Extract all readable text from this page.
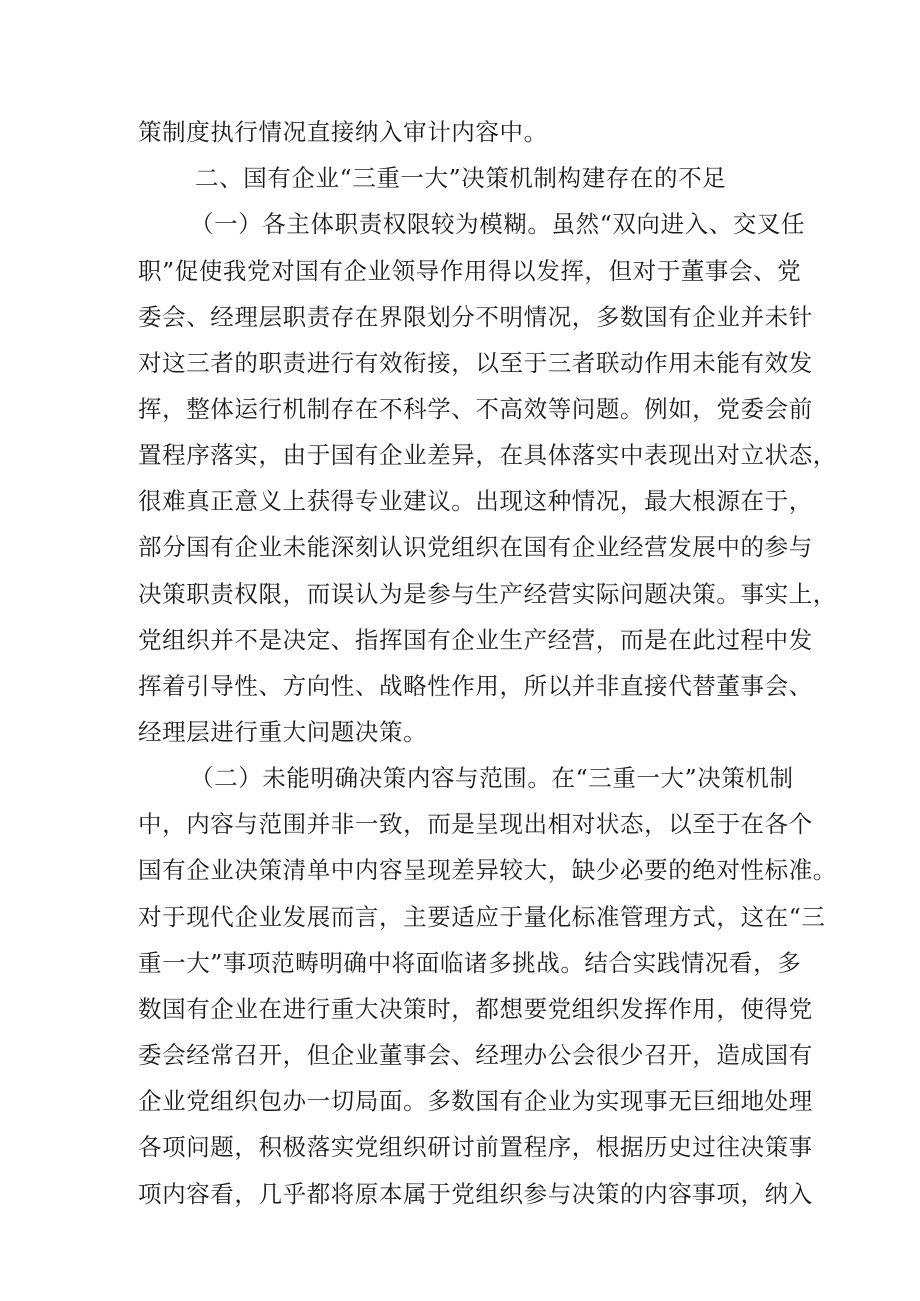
策制度执行情况直接纳入审计内容中。
二、国有企业“三重一大”决策机制构建存在的不足
（一）各主体职责权限较为模糊。虽然“双向进入、交叉任
职”促使我党对国有企业领导作用得以发挥，但对于董事会、党
委会、经理层职责存在界限划分不明情况，多数国有企业并未针
对这三者的职责进行有效衔接，以至于三者联动作用未能有效发
挥，整体运行机制存在不科学、不高效等问题。例如，党委会前
置程序落实，由于国有企业差异，在具体落实中表现出对立状态，
很难真正意义上获得专业建议。出现这种情况，最大根源在于，
部分国有企业未能深刻认识党组织在国有企业经营发展中的参与
决策职责权限，而误认为是参与生产经营实际问题决策。事实上，
党组织并不是决定、指挥国有企业生产经营，而是在此过程中发
挥着引导性、方向性、战略性作用，所以并非直接代替董事会、
经理层进行重大问题决策。
（二）未能明确决策内容与范围。在“三重一大”决策机制
中，内容与范围并非一致，而是呈现出相对状态，以至于在各个
国有企业决策清单中内容呈现差异较大，缺少必要的绝对性标准。
对于现代企业发展而言，主要适应于量化标准管理方式，这在“三
重一大”事项范畴明确中将面临诸多挑战。结合实践情况看，多
数国有企业在进行重大决策时，都想要党组织发挥作用，使得党
委会经常召开，但企业董事会、经理办公会很少召开，造成国有
企业党组织包办一切局面。多数国有企业为实现事无巨细地处理
各项问题，积极落实党组织研讨前置程序，根据历史过往决策事
项内容看，几乎都将原本属于党组织参与决策的内容事项，纳入
